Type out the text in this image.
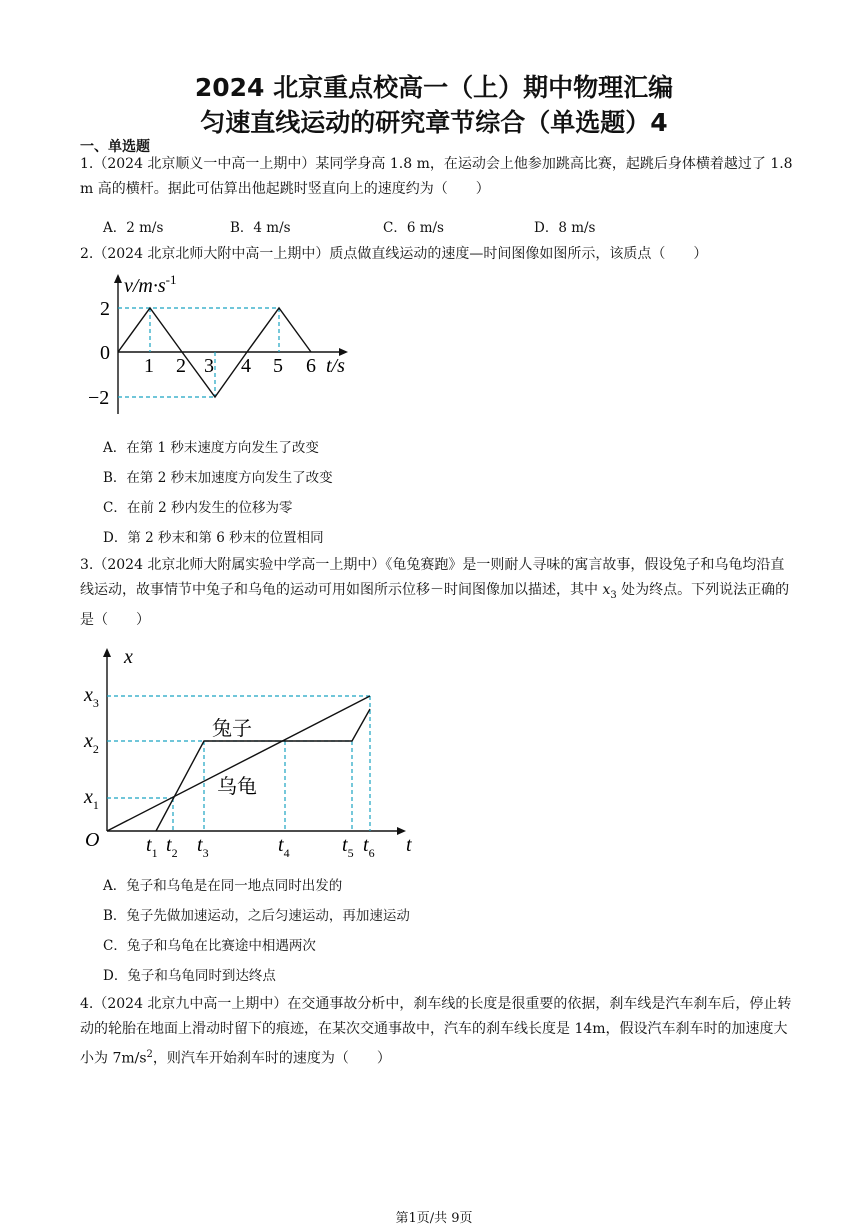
2024 北京重点校高一（上）期中物理汇编
匀速直线运动的研究章节综合（单选题）4
一、单选题
1.（2024 北京顺义一中高一上期中）某同学身高 1.8 m，在运动会上他参加跳高比赛，起跳后身体横着越过了 1.8 m 高的横杆。据此可估算出他起跳时竖直向上的速度约为（　　）
A．2 m/s	B．4 m/s	C．6 m/s	D．8 m/s
2.（2024 北京北师大附中高一上期中）质点做直线运动的速度—时间图像如图所示，该质点（　　）
$v/m\cdot s^{-1}$
2
0
−2
1 2 3 4 5 6 t/s
A．在第 1 秒末速度方向发生了改变
B．在第 2 秒末加速度方向发生了改变
C．在前 2 秒内发生的位移为零
D．第 2 秒末和第 6 秒末的位置相同
3.（2024 北京北师大附属实验中学高一上期中）《龟兔赛跑》是一则耐人寻味的寓言故事，假设兔子和乌龟均沿直线运动，故事情节中兔子和乌龟的运动可用如图所示位移－时间图像加以描述，其中 $x_3$ 处为终点。下列说法正确的是（　　）
x
t
O
兔子
乌龟
$x_3$
$x_2$
$x_1$
$t_1$ $t_2$ $t_3$	$t_4$	$t_5$ $t_6$
A．兔子和乌龟是在同一地点同时出发的
B．兔子先做加速运动，之后匀速运动，再加速运动
C．兔子和乌龟在比赛途中相遇两次
D．兔子和乌龟同时到达终点
4.（2024 北京九中高一上期中）在交通事故分析中，刹车线的长度是很重要的依据，刹车线是汽车刹车后，停止转动的轮胎在地面上滑动时留下的痕迹，在某次交通事故中，汽车的刹车线长度是 14m，假设汽车刹车时的加速度大小为 $7m/s^2$，则汽车开始刹车时的速度为（　　）
第1页/共 9页
